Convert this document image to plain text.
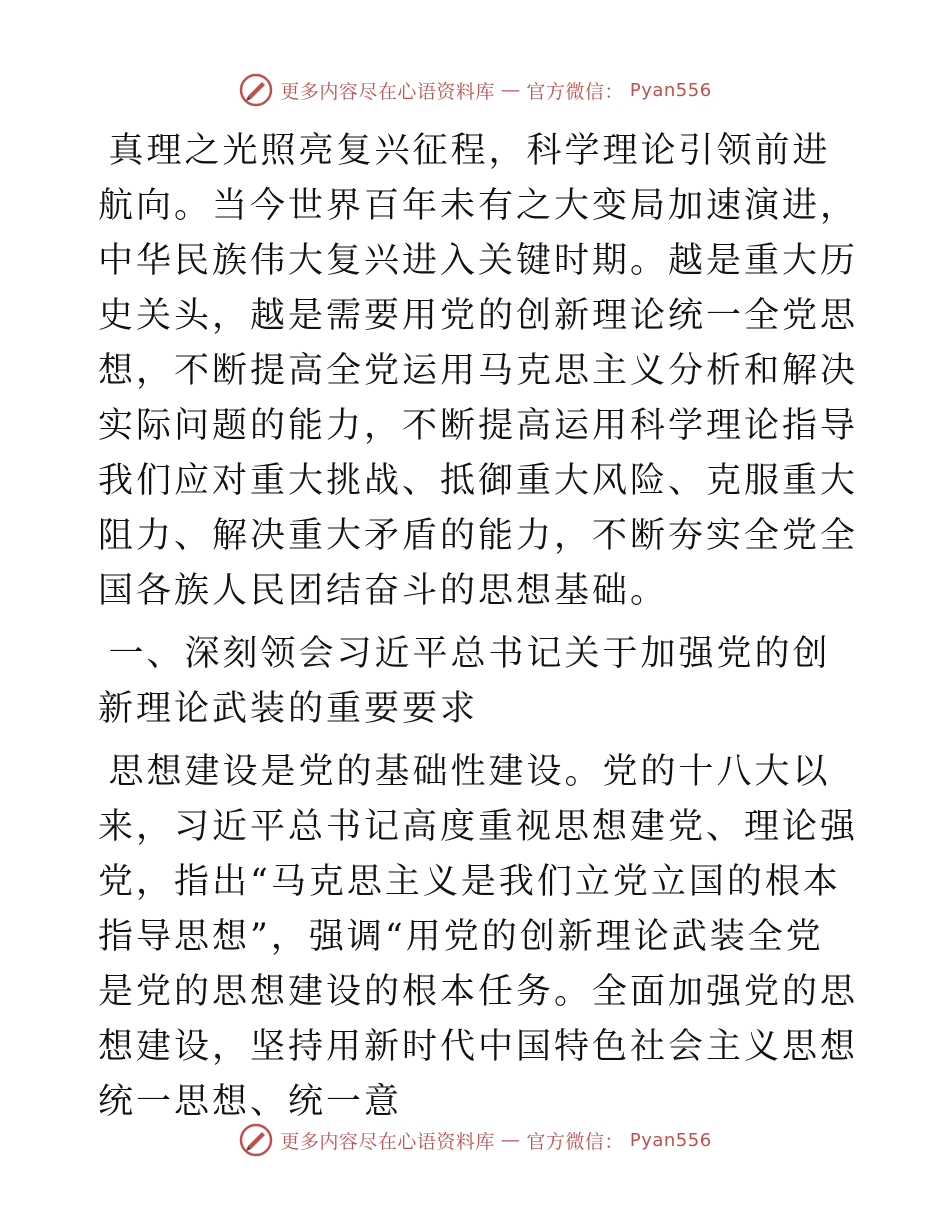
更多内容尽在心语资料库 — 官方微信： Pyan556

真理之光照亮复兴征程，科学理论引领前进航向。当今世界百年未有之大变局加速演进，中华民族伟大复兴进入关键时期。越是重大历史关头，越是需要用党的创新理论统一全党思想，不断提高全党运用马克思主义分析和解决实际问题的能力，不断提高运用科学理论指导我们应对重大挑战、抵御重大风险、克服重大阻力、解决重大矛盾的能力，不断夯实全党全国各族人民团结奋斗的思想基础。

一、深刻领会习近平总书记关于加强党的创新理论武装的重要要求

思想建设是党的基础性建设。党的十八大以来，习近平总书记高度重视思想建党、理论强党，指出“马克思主义是我们立党立国的根本指导思想”，强调“用党的创新理论武装全党是党的思想建设的根本任务。全面加强党的思想建设，坚持用新时代中国特色社会主义思想统一思想、统一意

更多内容尽在心语资料库 — 官方微信： Pyan556
